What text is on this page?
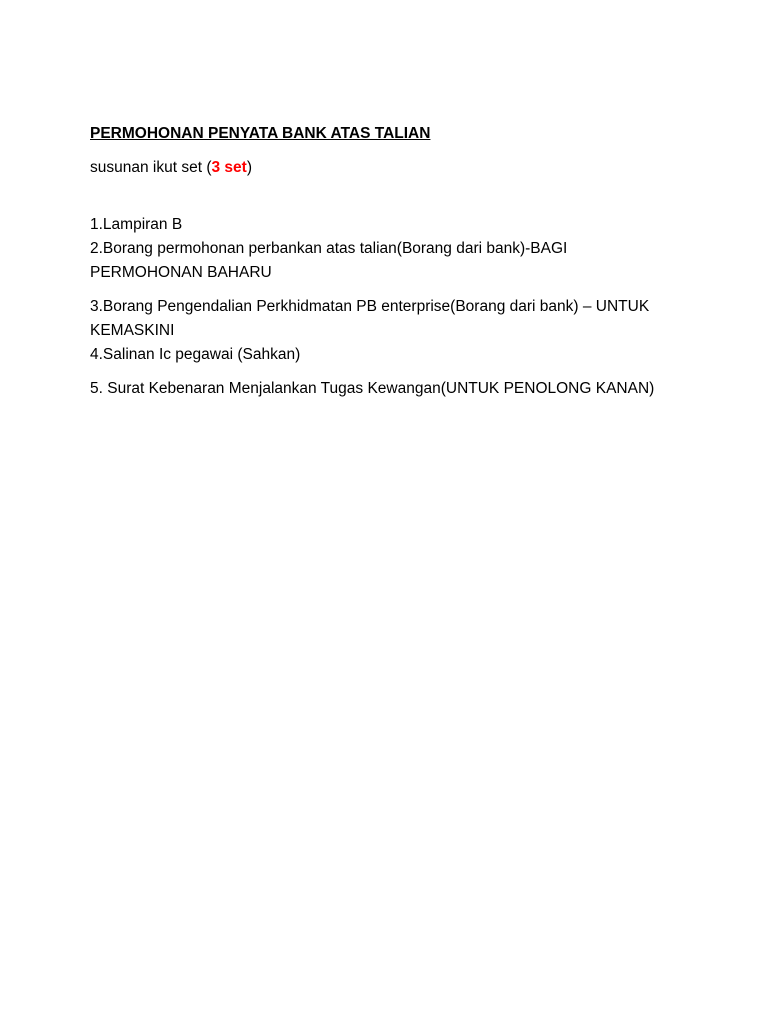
PERMOHONAN PENYATA BANK ATAS TALIAN
susunan ikut set (3 set)
1.Lampiran B
2.Borang permohonan perbankan atas talian(Borang dari bank)-BAGI
PERMOHONAN BAHARU
3.Borang Pengendalian Perkhidmatan PB enterprise(Borang dari bank) – UNTUK
KEMASKINI
4.Salinan Ic pegawai (Sahkan)
5. Surat Kebenaran Menjalankan Tugas Kewangan(UNTUK PENOLONG KANAN)
